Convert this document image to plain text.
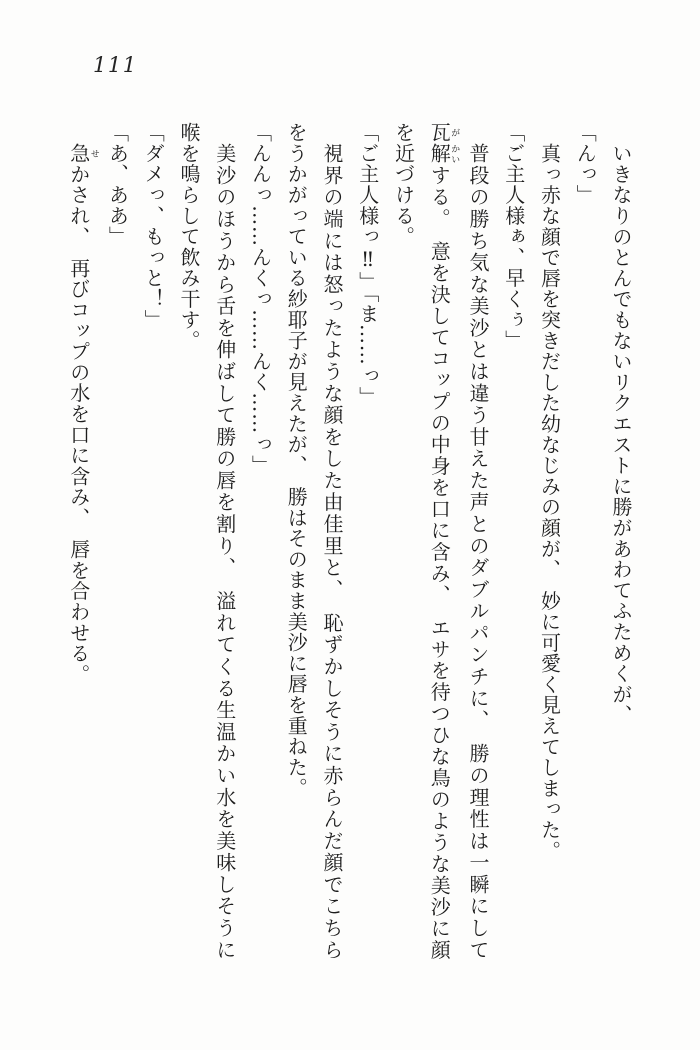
111
いきなりのとんでもないリクエストに勝があわてふためくが、
「んっ」
真っ赤な顔で唇を突きだした幼なじみの顔が、　妙に可愛く見えてしまった。
「ご主人様ぁ、早くぅ」
普段の勝ち気な美沙とは違う甘えた声とのダブルパンチに、　勝の理性は一瞬にして
瓦が解かいする。　意を決してコップの中身を口に含み、　エサを待つひな鳥のような美沙に顔
を近づける。
「ご主人様っ‼」「ま……っ」
視界の端には怒ったような顔をした由佳里と、　恥ずかしそうに赤らんだ顔でこちら
をうかがっている紗耶子が見えたが、　勝はそのまま美沙に唇を重ねた。
「んんっ……んくっ……んく……っ」
美沙のほうから舌を伸ばして勝の唇を割り、　溢れてくる生温かい水を美味しそうに
喉を鳴らして飲み干す。
「ダメっ、もっと！」
「あ、ああ」
急せかされ、　再びコップの水を口に含み、　唇を合わせる。
